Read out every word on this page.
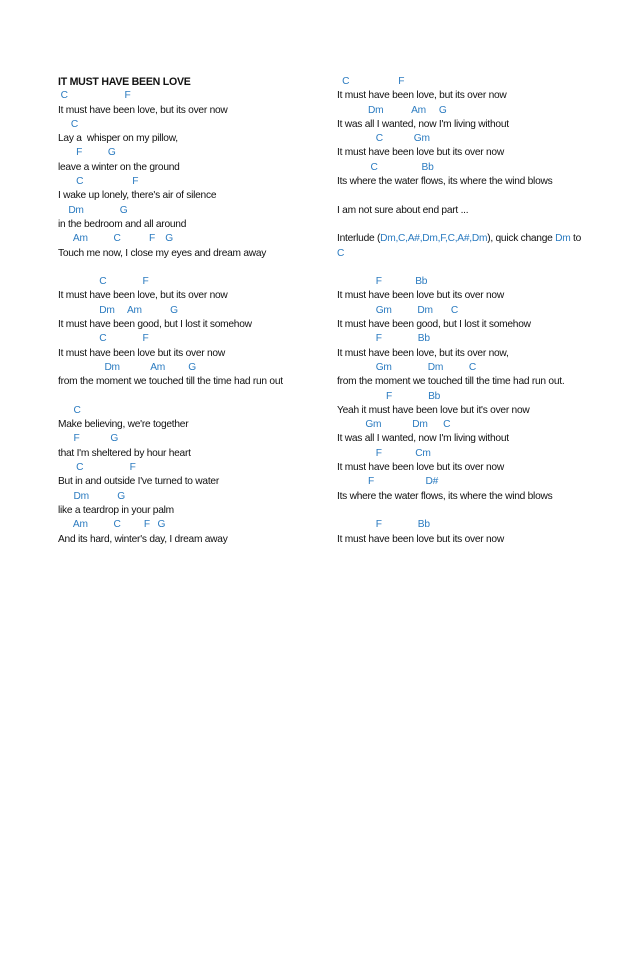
IT MUST HAVE BEEN LOVE
C                      F
It must have been love, but its over now
C
Lay a  whisper on my pillow,
F          G
leave a winter on the ground
C                   F
I wake up lonely, there's air of silence
Dm              G
in the bedroom and all around
Am          C           F    G
Touch me now, I close my eyes and dream away
C              F
It must have been love, but its over now
Dm     Am           G
It must have been good, but I lost it somehow
C              F
It must have been love but its over now
Dm            Am         G
from the moment we touched till the time had run out
C
Make believing, we're together
F            G
that I'm sheltered by hour heart
C                  F
But in and outside I've turned to water
Dm           G
like a teardrop in your palm
Am          C         F   G
And its hard, winter's day, I dream away
C                   F
It must have been love, but its over now
Dm           Am     G
It was all I wanted, now I'm living without
C            Gm
It must have been love but its over now
C                 Bb
Its where the water flows, its where the wind blows
I am not sure about end part ...
Interlude (Dm,C,A#,Dm,F,C,A#,Dm), quick change Dm to C
F             Bb
It must have been love but its over now
Gm          Dm       C
It must have been good, but I lost it somehow
F              Bb
It must have been love, but its over now,
Gm              Dm          C
from the moment we touched till the time had run out.
F              Bb
Yeah it must have been love but it's over now
Gm            Dm      C
It was all I wanted, now I'm living without
F             Cm
It must have been love but its over now
F                    D#
Its where the water flows, its where the wind blows
F              Bb
It must have been love but its over now
